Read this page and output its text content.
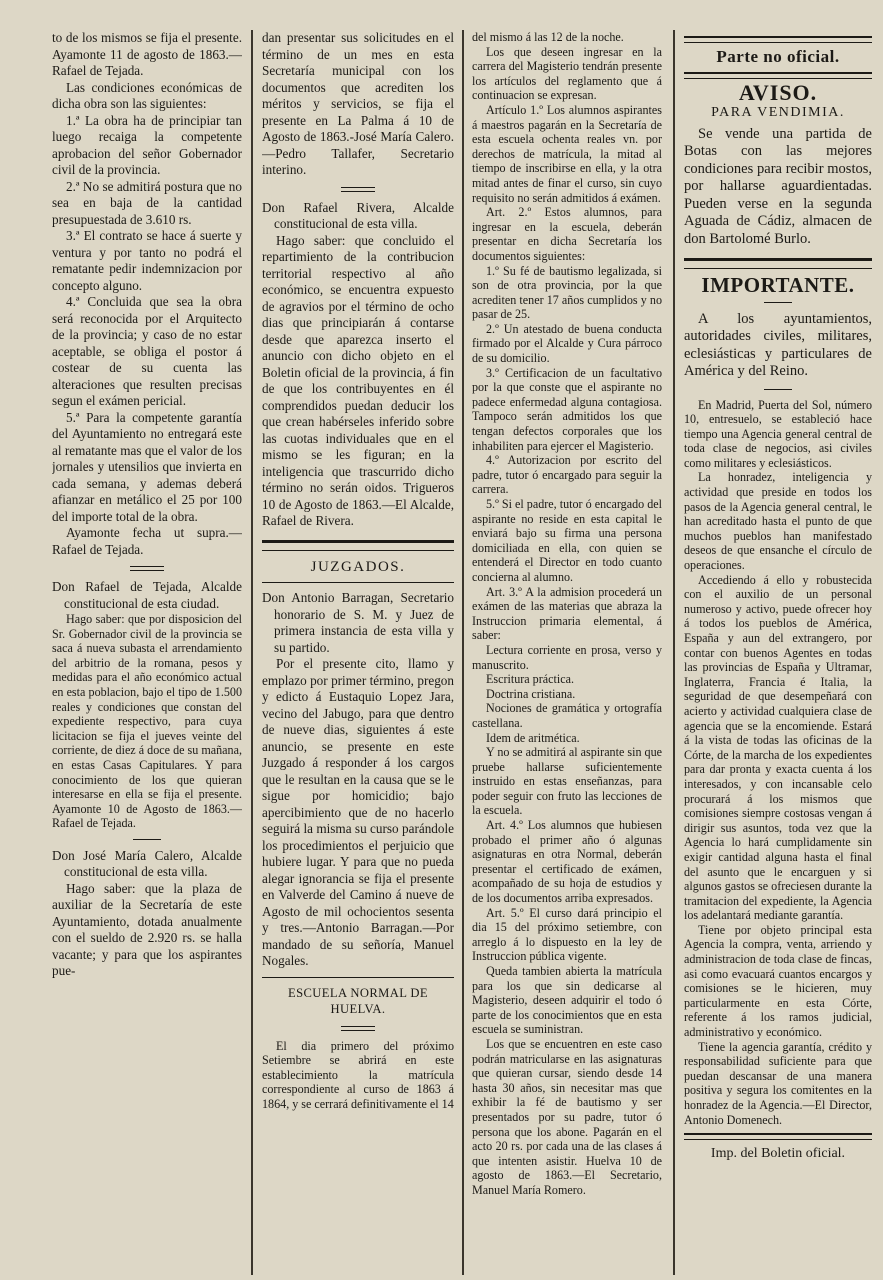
to de los mismos se fija el presente. Ayamonte 11 de agosto de 1863.—Rafael de Tejada.

Las condiciones económicas de dicha obra son las siguientes:

1.ª La obra ha de principiar tan luego recaiga la competente aprobacion del señor Gobernador civil de la provincia.

2.ª No se admitirá postura que no sea en baja de la cantidad presupuestada de 3.610 rs.

3.ª El contrato se hace á suerte y ventura y por tanto no podrá el rematante pedir indemnizacion por concepto alguno.

4.ª Concluida que sea la obra será reconocida por el Arquitecto de la provincia; y caso de no estar aceptable, se obliga el postor á costear de su cuenta las alteraciones que resulten precisas segun el exámen pericial.

5.ª Para la competente garantía del Ayuntamiento no entregará este al rematante mas que el valor de los jornales y utensilios que invierta en cada semana, y ademas deberá afianzar en metálico el 25 por 100 del importe total de la obra.

Ayamonte fecha ut supra.—Rafael de Tejada.

Don Rafael de Tejada, Alcalde constitucional de esta ciudad.

Hago saber: que por disposicion del Sr. Gobernador civil de la provincia se saca á nueva subasta el arrendamiento del arbitrio de la romana, pesos y medidas para el año económico actual en esta poblacion, bajo el tipo de 1.500 reales y condiciones que constan del expediente respectivo, para cuya licitacion se fija el jueves veinte del corriente, de diez á doce de su mañana, en estas Casas Capitulares. Y para conocimiento de los que quieran interesarse en ella se fija el presente. Ayamonte 10 de Agosto de 1863.—Rafael de Tejada.

Don José María Calero, Alcalde constitucional de esta villa.

Hago saber: que la plaza de auxiliar de la Secretaría de este Ayuntamiento, dotada anualmente con el sueldo de 2.920 rs. se halla vacante; y para que los aspirantes pue-

dan presentar sus solicitudes en el término de un mes en esta Secretaría municipal con los documentos que acrediten los méritos y servicios, se fija el presente en La Palma á 10 de Agosto de 1863.-José María Calero.—Pedro Tallafer, Secretario interino.

Don Rafael Rivera, Alcalde constitucional de esta villa.

Hago saber: que concluido el repartimiento de la contribucion territorial respectivo al año económico, se encuentra expuesto de agravios por el término de ocho dias que principiarán á contarse desde que aparezca inserto el anuncio con dicho objeto en el Boletin oficial de la provincia, á fin de que los contribuyentes en él comprendidos puedan deducir los que crean habérseles inferido sobre las cuotas individuales que en el mismo se les figuran; en la inteligencia que trascurrido dicho término no serán oidos. Trigueros 10 de Agosto de 1863.—El Alcalde, Rafael de Rivera.

JUZGADOS.

Don Antonio Barragan, Secretario honorario de S. M. y Juez de primera instancia de esta villa y su partido.

Por el presente cito, llamo y emplazo por primer término, pregon y edicto á Eustaquio Lopez Jara, vecino del Jabugo, para que dentro de nueve dias, siguientes á este anuncio, se presente en este Juzgado á responder á los cargos que le resultan en la causa que se le sigue por homicidio; bajo apercibimiento que de no hacerlo seguirá la misma su curso parándole los procedimientos el perjuicio que hubiere lugar. Y para que no pueda alegar ignorancia se fija el presente en Valverde del Camino á nueve de Agosto de mil ochocientos sesenta y tres.—Antonio Barragan.—Por mandado de su señoría, Manuel Nogales.

ESCUELA NORMAL DE HUELVA.

El dia primero del próximo Setiembre se abrirá en este establecimiento la matrícula correspondiente al curso de 1863 á 1864, y se cerrará definitivamente el 14

del mismo á las 12 de la noche.

Los que deseen ingresar en la carrera del Magisterio tendrán presente los artículos del reglamento que á continuacion se expresan.

Artículo 1.º Los alumnos aspirantes á maestros pagarán en la Secretaría de esta escuela ochenta reales vn. por derechos de matrícula, la mitad al tiempo de inscribirse en ella, y la otra mitad antes de finar el curso, sin cuyo requisito no serán admitidos á exámen.

Art. 2.º Estos alumnos, para ingresar en la escuela, deberán presentar en dicha Secretaría los documentos siguientes:

1.º Su fé de bautismo legalizada, si son de otra provincia, por la que acrediten tener 17 años cumplidos y no pasar de 25.

2.º Un atestado de buena conducta firmado por el Alcalde y Cura párroco de su domicilio.

3.º Certificacion de un facultativo por la que conste que el aspirante no padece enfermedad alguna contagiosa. Tampoco serán admitidos los que tengan defectos corporales que los inhabiliten para ejercer el Magisterio.

4.º Autorizacion por escrito del padre, tutor ó encargado para seguir la carrera.

5.º Si el padre, tutor ó encargado del aspirante no reside en esta capital le enviará bajo su firma una persona domiciliada en ella, con quien se entenderá el Director en todo cuanto concierna al alumno.

Art. 3.º A la admision procederá un exámen de las materias que abraza la Instruccion primaria elemental, á saber:

Lectura corriente en prosa, verso y manuscrito.

Escritura práctica.

Doctrina cristiana.

Nociones de gramática y ortografía castellana.

Idem de aritmética.

Y no se admitirá al aspirante sin que pruebe hallarse suficientemente instruido en estas enseñanzas, para poder seguir con fruto las lecciones de la escuela.

Art. 4.º Los alumnos que hubiesen probado el primer año ó algunas asignaturas en otra Normal, deberán presentar el certificado de exámen, acompañado de su hoja de estudios y de los documentos arriba expresados.

Art. 5.º El curso dará principio el dia 15 del próximo setiembre, con arreglo á lo dispuesto en la ley de Instruccion pública vigente.

Queda tambien abierta la matrícula para los que sin dedicarse al Magisterio, deseen adquirir el todo ó parte de los conocimientos que en esta escuela se suministran.

Los que se encuentren en este caso podrán matricularse en las asignaturas que quieran cursar, siendo desde 14 hasta 30 años, sin necesitar mas que exhibir la fé de bautismo y ser presentados por su padre, tutor ó persona que los abone. Pagarán en el acto 20 rs. por cada una de las clases á que intenten asistir. Huelva 10 de agosto de 1863.—El Secretario, Manuel María Romero.

Parte no oficial.
AVISO.
PARA VENDIMIA.

Se vende una partida de Botas con las mejores condiciones para recibir mostos, por hallarse aguardientadas. Pueden verse en la segunda Aguada de Cádiz, almacen de don Bartolomé Burlo.

IMPORTANTE.

A los ayuntamientos, autoridades civiles, militares, eclesiásticas y particulares de América y del Reino.

En Madrid, Puerta del Sol, número 10, entresuelo, se estableció hace tiempo una Agencia general central de toda clase de negocios, asi civiles como militares y eclesiásticos.

La honradez, inteligencia y actividad que preside en todos los pasos de la Agencia general central, le han acreditado hasta el punto de que muchos pueblos han manifestado deseos de que ensanche el círculo de operaciones.

Accediendo á ello y robustecida con el auxilio de un personal numeroso y activo, puede ofrecer hoy á todos los pueblos de América, España y aun del extrangero, por contar con buenos Agentes en todas las provincias de España y Ultramar, Inglaterra, Francia é Italia, la seguridad de que desempeñará con acierto y actividad cualquiera clase de agencia que se la encomiende. Estará á la vista de todas las oficinas de la Córte, de la marcha de los expedientes para dar pronta y exacta cuenta á los interesados, y con incansable celo procurará á los mismos que comisiones siempre costosas vengan á dirigir sus asuntos, toda vez que la Agencia lo hará cumplidamente sin exigir cantidad alguna hasta el final del asunto que le encarguen y si algunos gastos se ofreciesen durante la tramitacion del expediente, la Agencia los adelantará mediante garantía.

Tiene por objeto principal esta Agencia la compra, venta, arriendo y administracion de toda clase de fincas, asi como evacuará cuantos encargos y comisiones se le hicieren, muy particularmente en esta Córte, referente á los ramos judicial, administrativo y económico.

Tiene la agencia garantía, crédito y responsabilidad suficiente para que puedan descansar de una manera positiva y segura los comitentes en la honradez de la Agencia.—El Director, Antonio Domenech.

Imp. del Boletin oficial.
